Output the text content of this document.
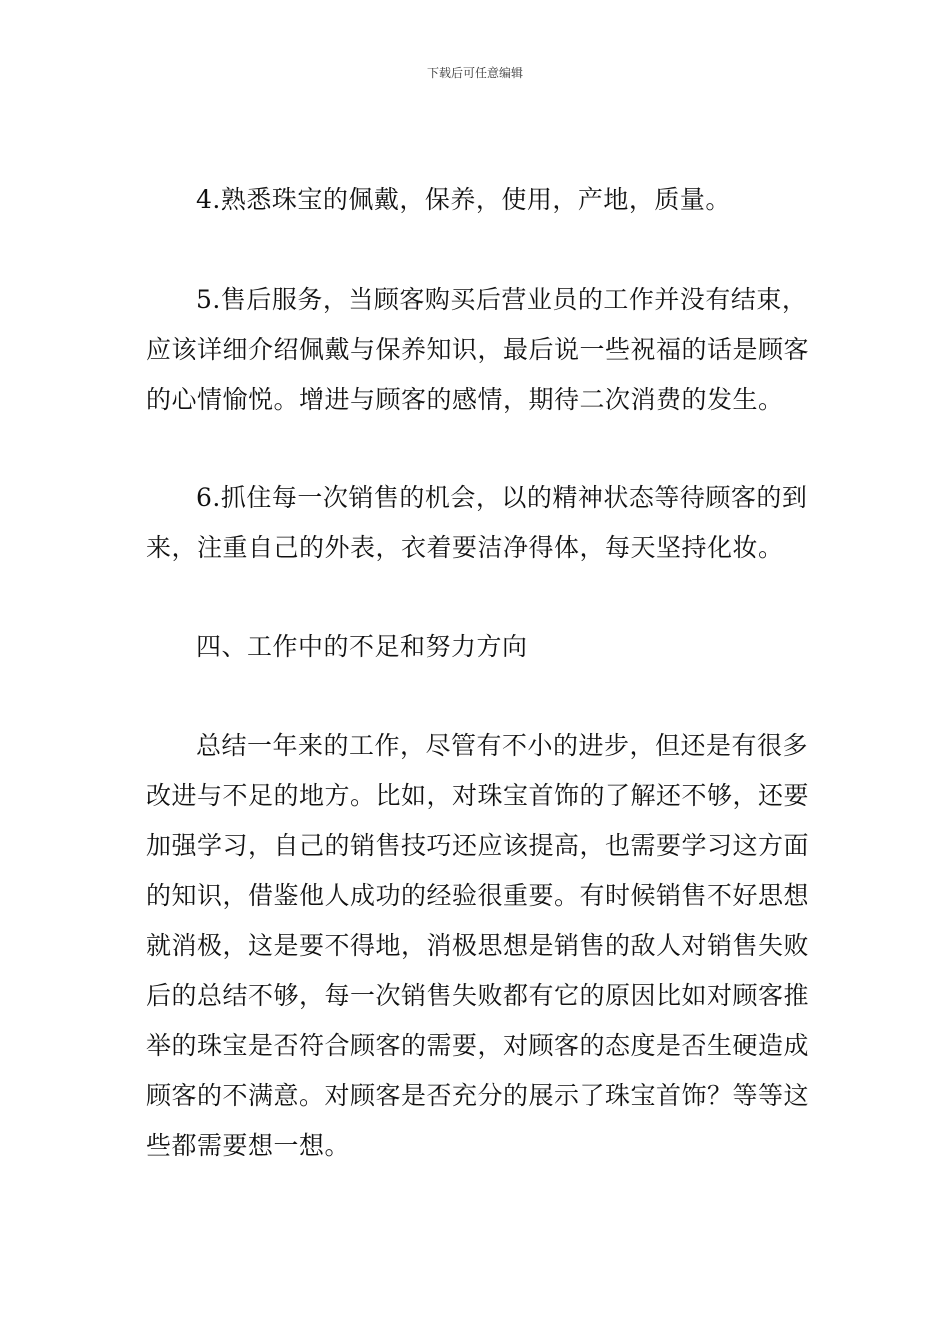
下载后可任意编辑

4.熟悉珠宝的佩戴，保养，使用，产地，质量。

5.售后服务，当顾客购买后营业员的工作并没有结束，应该详细介绍佩戴与保养知识，最后说一些祝福的话是顾客的心情愉悦。增进与顾客的感情，期待二次消费的发生。

6.抓住每一次销售的机会，以的精神状态等待顾客的到来，注重自己的外表，衣着要洁净得体，每天坚持化妆。

四、工作中的不足和努力方向

总结一年来的工作，尽管有不小的进步，但还是有很多改进与不足的地方。比如，对珠宝首饰的了解还不够，还要加强学习，自己的销售技巧还应该提高，也需要学习这方面的知识，借鉴他人成功的经验很重要。有时候销售不好思想就消极，这是要不得地，消极思想是销售的敌人对销售失败后的总结不够，每一次销售失败都有它的原因比如对顾客推举的珠宝是否符合顾客的需要，对顾客的态度是否生硬造成顾客的不满意。对顾客是否充分的展示了珠宝首饰？等等这些都需要想一想。
